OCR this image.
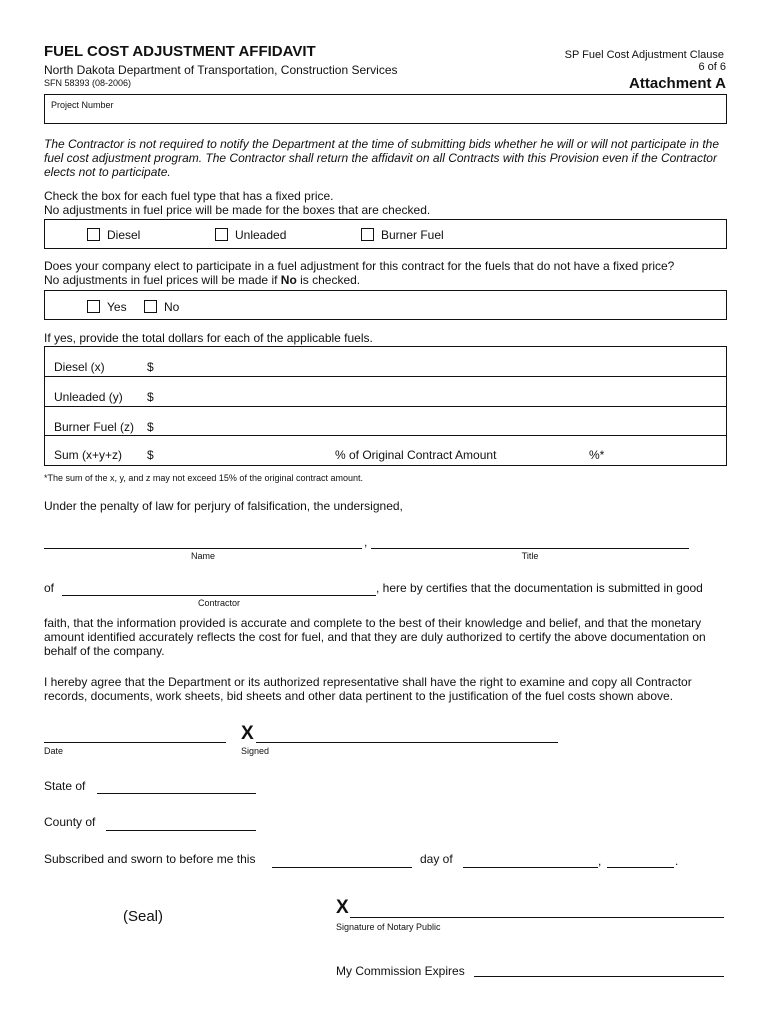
FUEL COST ADJUSTMENT AFFIDAVIT
North Dakota Department of Transportation, Construction Services
SFN 58393 (08-2006)
SP Fuel Cost Adjustment Clause
6 of 6
Attachment A
Project Number
The Contractor is not required to notify the Department at the time of submitting bids whether he will or will not participate in the fuel cost adjustment program. The Contractor shall return the affidavit on all Contracts with this Provision even if the Contractor elects not to participate.
Check the box for each fuel type that has a fixed price.
No adjustments in fuel price will be made for the boxes that are checked.
Diesel	Unleaded	Burner Fuel
Does your company elect to participate in a fuel adjustment for this contract for the fuels that do not have a fixed price?
No adjustments in fuel prices will be made if No is checked.
Yes	No
If yes, provide the total dollars for each of the applicable fuels.
Diesel (x)	$
Unleaded (y) $
Burner Fuel (z) $
Sum (x+y+z) $	% of Original Contract Amount	%*
*The sum of the x, y, and z may not exceed 15% of the original contract amount.
Under the penalty of law for perjury of falsification, the undersigned,
,
Name	Title
of	, here by certifies that the documentation is submitted in good
Contractor
faith, that the information provided is accurate and complete to the best of their knowledge and belief, and that the monetary amount identified accurately reflects the cost for fuel, and that they are duly authorized to certify the above documentation on behalf of the company.
I hereby agree that the Department or its authorized representative shall have the right to examine and copy all Contractor records, documents, work sheets, bid sheets and other data pertinent to the justification of the fuel costs shown above.
Date
X
Signed
State of
County of
Subscribed and sworn to before me this	day of	,	.
(Seal)	X
Signature of Notary Public
My Commission Expires
